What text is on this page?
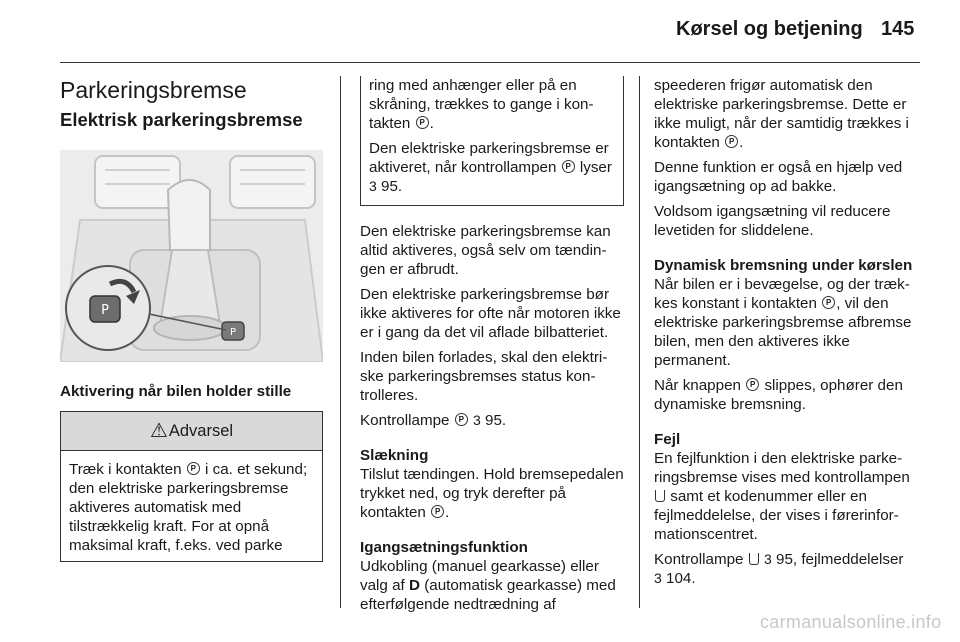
Kørsel og betjening 145
Parkeringsbremse
Elektrisk parkeringsbremse
P
P
Aktivering når bilen holder stille
⚠ Advarsel

Træk i kontakten P i ca. et sekund; den elektriske parkeringsbremse aktiveres automatisk med tilstrækkelig kraft. For at opnå maksimal kraft, f.eks. ved parke

ring med anhænger eller på en skråning, trækkes to gange i kontakten P .

Den elektriske parkeringsbremse er aktiveret, når kontrollampen P lyser 3 95.

Den elektriske parkeringsbremse kan altid aktiveres, også selv om tændingen er afbrudt.

Den elektriske parkeringsbremse bør ikke aktiveres for ofte når motoren ikke er i gang da det vil aflade bilbatteriet.

Inden bilen forlades, skal den elektriske parkeringsbremses status kontrolleres.

Kontrollampe P 3 95.

Slækning

Tilslut tændingen. Hold bremsepedalen trykket ned, og tryk derefter på kontakten P .

Igangsætningsfunktion

Udkobling (manuel gearkasse) eller valg af D (automatisk gearkasse) med efterfølgende nedtrædning af

speederen frigør automatisk den elektriske parkeringsbremse. Dette er ikke muligt, når der samtidig trækkes i kontakten P .

Denne funktion er også en hjælp ved igangsætning op ad bakke.

Voldsom igangsætning vil reducere levetiden for sliddelene.

Dynamisk bremsning under kørslen

Når bilen er i bevægelse, og der trækkes konstant i kontakten P , vil den elektriske parkeringsbremse afbremse bilen, men den aktiveres ikke permanent.

Når knappen P slippes, ophører den dynamiske bremsning.

Fejl

En fejlfunktion i den elektriske parkeringsbremse vises med kontrollampen  samt et kodenummer eller en fejlmeddelelse, der vises i førerinformationscentret.

Kontrollampe 3 95, fejlmeddelelser
3 104.

carmanualsonline.info
